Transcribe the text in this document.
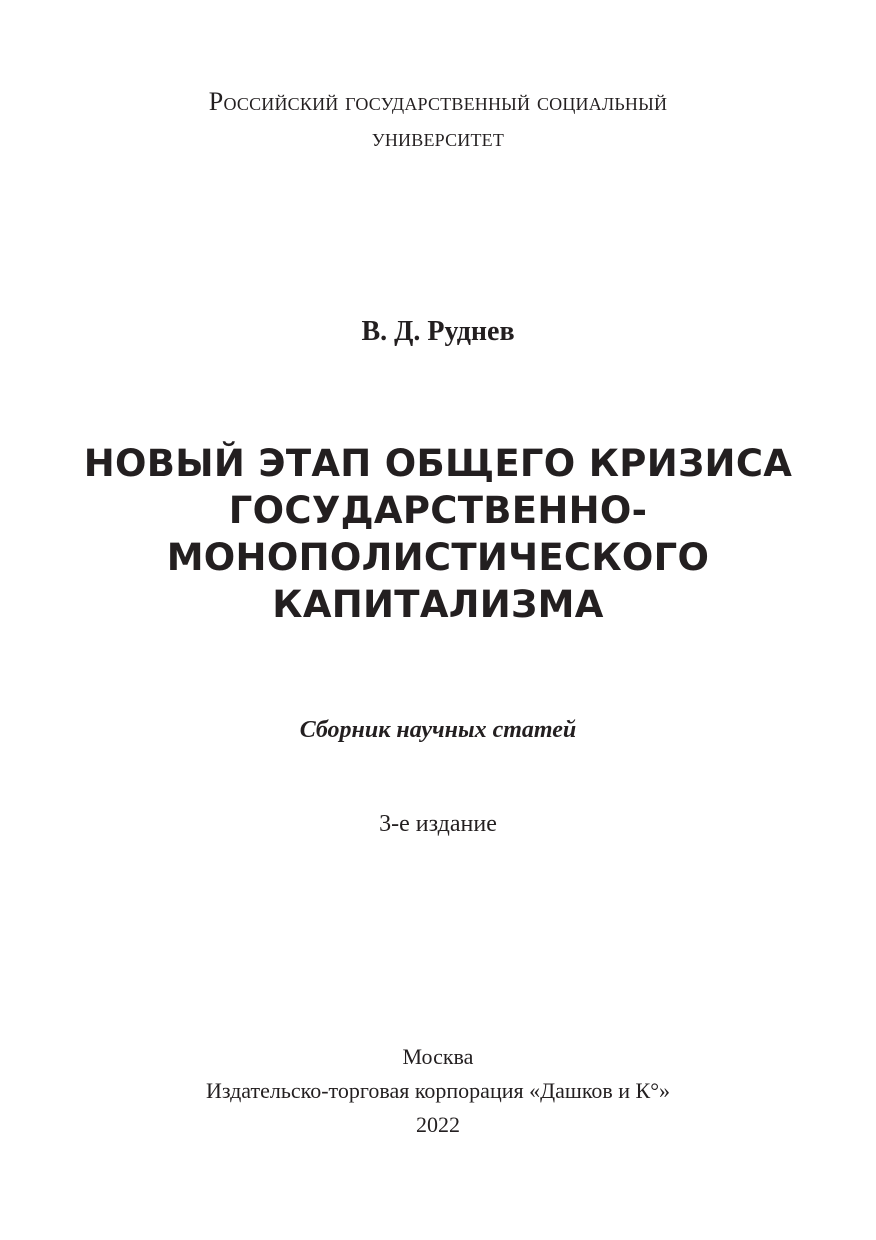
Российский государственный социальный
университет
В. Д. Руднев
НОВЫЙ ЭТАП ОБЩЕГО КРИЗИСА
ГОСУДАРСТВЕННО-
МОНОПОЛИСТИЧЕСКОГО
КАПИТАЛИЗМА
Сборник научных статей
3-е издание
Москва
Издательско-торговая корпорация «Дашков и К°»
2022
